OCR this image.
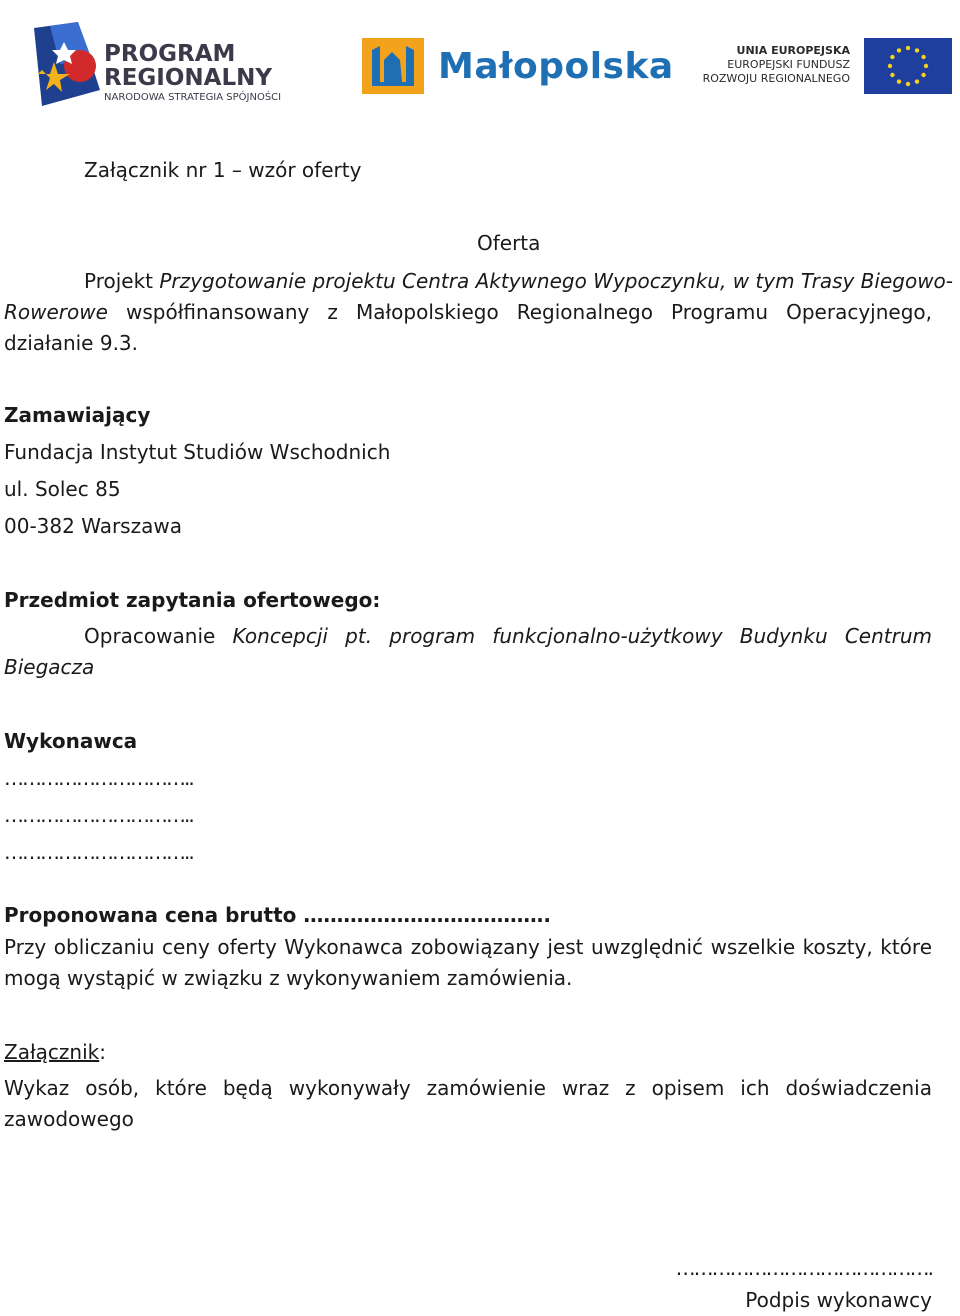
PROGRAM
REGIONALNY
NARODOWA STRATEGIA SPÓJNOŚCI
Małopolska	UNIA EUROPEJSKA
EUROPEJSKI FUNDUSZ
ROZWOJU REGIONALNEGO
Załącznik nr 1 – wzór oferty
Oferta
Projekt Przygotowanie projektu Centra Aktywnego Wypoczynku, w tym Trasy Biegowo-
Rowerowe współfinansowany z Małopolskiego Regionalnego Programu Operacyjnego,
działanie 9.3.
Zamawiający
Fundacja Instytut Studiów Wschodnich
ul. Solec 85
00-382 Warszawa
Przedmiot zapytania ofertowego:
Opracowanie Koncepcji pt. program funkcjonalno-użytkowy Budynku Centrum
Biegacza
Wykonawca
…………………………..
…………………………..
…………………………..
Proponowana cena brutto ……………………………….
Przy obliczaniu ceny oferty Wykonawca zobowiązany jest uwzględnić wszelkie koszty, które
mogą wystąpić w związku z wykonywaniem zamówienia.
Załącznik:
Wykaz osób, które będą wykonywały zamówienie wraz z opisem ich doświadczenia
zawodowego
…………………………………….
Podpis wykonawcy
